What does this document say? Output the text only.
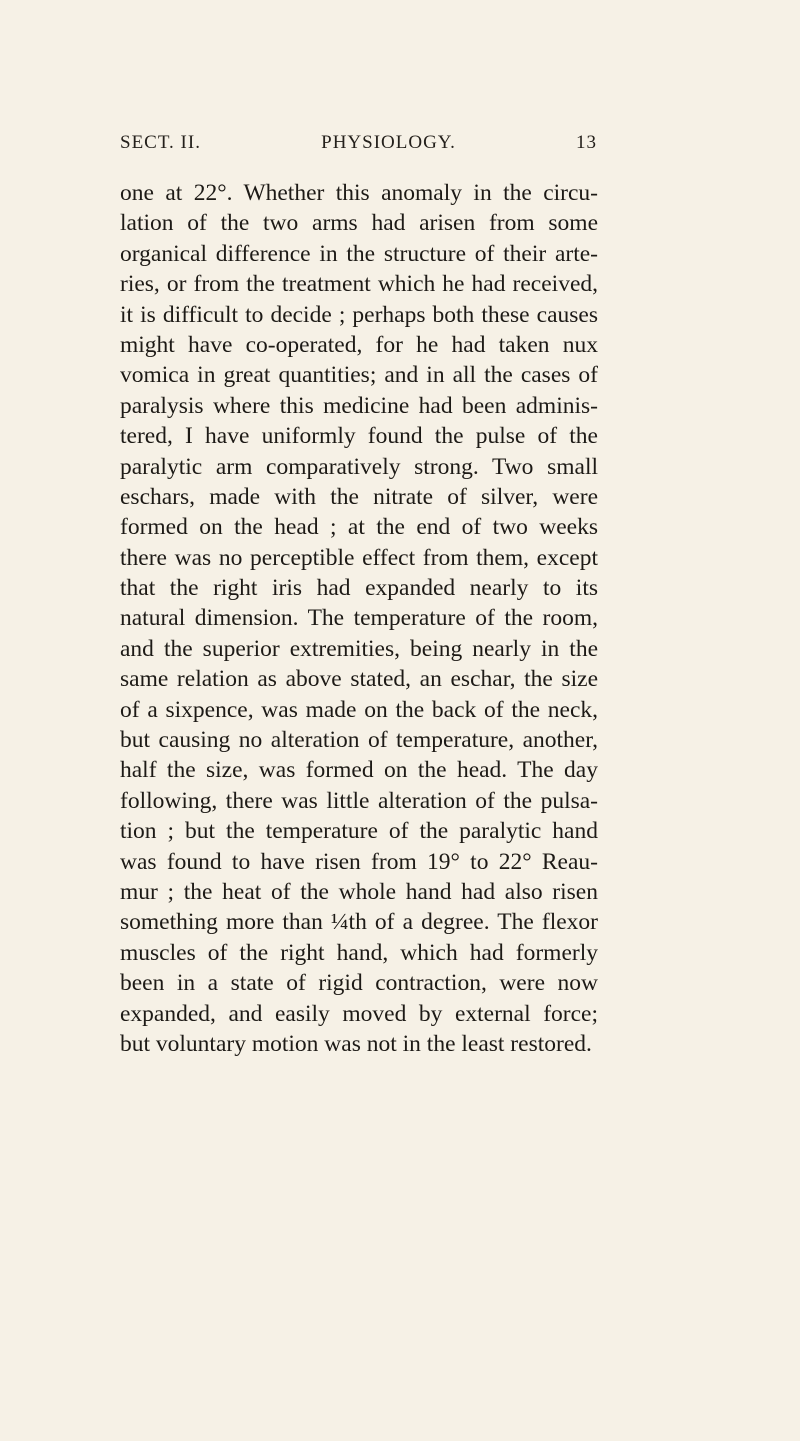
SECT. II.	PHYSIOLOGY.	13
one at 22°. Whether this anomaly in the circu-
lation of the two arms had arisen from some
organical difference in the structure of their arte-
ries, or from the treatment which he had received,
it is difficult to decide ; perhaps both these causes
might have co-operated, for he had taken nux
vomica in great quantities; and in all the cases of
paralysis where this medicine had been adminis-
tered, I have uniformly found the pulse of the
paralytic arm comparatively strong. Two small
eschars, made with the nitrate of silver, were
formed on the head ; at the end of two weeks
there was no perceptible effect from them, except
that the right iris had expanded nearly to its
natural dimension. The temperature of the room,
and the superior extremities, being nearly in the
same relation as above stated, an eschar, the size
of a sixpence, was made on the back of the neck,
but causing no alteration of temperature, another,
half the size, was formed on the head. The day
following, there was little alteration of the pulsa-
tion ; but the temperature of the paralytic hand
was found to have risen from 19° to 22° Reau-
mur ; the heat of the whole hand had also risen
something more than ¼th of a degree. The flexor
muscles of the right hand, which had formerly
been in a state of rigid contraction, were now
expanded, and easily moved by external force;
but voluntary motion was not in the least restored.
